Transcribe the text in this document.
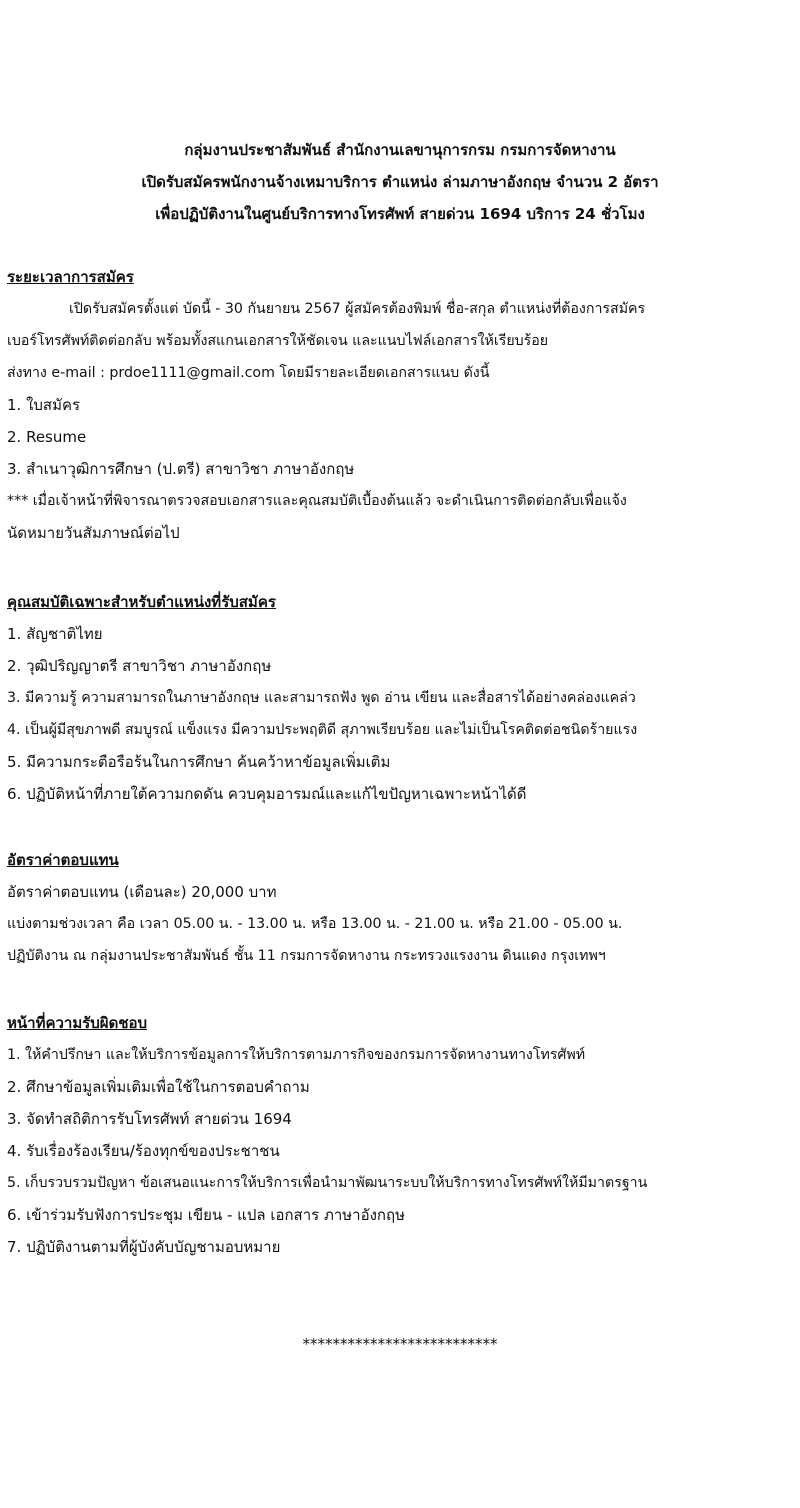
กลุ่มงานประชาสัมพันธ์ สำนักงานเลขานุการกรม กรมการจัดหางาน
เปิดรับสมัครพนักงานจ้างเหมาบริการ ตำแหน่ง ล่ามภาษาอังกฤษ จำนวน 2 อัตรา
เพื่อปฏิบัติงานในศูนย์บริการทางโทรศัพท์ สายด่วน 1694 บริการ 24 ชั่วโมง
ระยะเวลาการสมัคร
เปิดรับสมัครตั้งแต่ บัดนี้ - 30 กันยายน 2567 ผู้สมัครต้องพิมพ์ ชื่อ-สกุล ตำแหน่งที่ต้องการสมัคร
เบอร์โทรศัพท์ติดต่อกลับ พร้อมทั้งสแกนเอกสารให้ชัดเจน และแนบไฟล์เอกสารให้เรียบร้อย
ส่งทาง e-mail : prdoe1111@gmail.com โดยมีรายละเอียดเอกสารแนบ ดังนี้
1. ใบสมัคร
2. Resume
3. สำเนาวุฒิการศึกษา (ป.ตรี) สาขาวิชา ภาษาอังกฤษ
*** เมื่อเจ้าหน้าที่พิจารณาตรวจสอบเอกสารและคุณสมบัติเบื้องต้นแล้ว จะดำเนินการติดต่อกลับเพื่อแจ้ง
นัดหมายวันสัมภาษณ์ต่อไป
คุณสมบัติเฉพาะสำหรับตำแหน่งที่รับสมัคร
1. สัญชาติไทย
2. วุฒิปริญญาตรี สาขาวิชา ภาษาอังกฤษ
3. มีความรู้ ความสามารถในภาษาอังกฤษ และสามารถฟัง พูด อ่าน เขียน และสื่อสารได้อย่างคล่องแคล่ว
4. เป็นผู้มีสุขภาพดี สมบูรณ์ แข็งแรง มีความประพฤติดี สุภาพเรียบร้อย และไม่เป็นโรคติดต่อชนิดร้ายแรง
5. มีความกระตือรือร้นในการศึกษา ค้นคว้าหาข้อมูลเพิ่มเติม
6. ปฏิบัติหน้าที่ภายใต้ความกดดัน ควบคุมอารมณ์และแก้ไขปัญหาเฉพาะหน้าได้ดี
อัตราค่าตอบแทน
อัตราค่าตอบแทน (เดือนละ) 20,000 บาท
แบ่งตามช่วงเวลา คือ เวลา 05.00 น. - 13.00 น. หรือ 13.00 น. - 21.00 น. หรือ 21.00 - 05.00 น.
ปฏิบัติงาน ณ กลุ่มงานประชาสัมพันธ์ ชั้น 11 กรมการจัดหางาน กระทรวงแรงงาน ดินแดง กรุงเทพฯ
หน้าที่ความรับผิดชอบ
1. ให้คำปรึกษา และให้บริการข้อมูลการให้บริการตามภารกิจของกรมการจัดหางานทางโทรศัพท์
2. ศึกษาข้อมูลเพิ่มเติมเพื่อใช้ในการตอบคำถาม
3. จัดทำสถิติการรับโทรศัพท์ สายด่วน 1694
4. รับเรื่องร้องเรียน/ร้องทุกข์ของประชาชน
5. เก็บรวบรวมปัญหา ข้อเสนอแนะการให้บริการเพื่อนำมาพัฒนาระบบให้บริการทางโทรศัพท์ให้มีมาตรฐาน
6. เข้าร่วมรับฟังการประชุม เขียน - แปล เอกสาร ภาษาอังกฤษ
7. ปฏิบัติงานตามที่ผู้บังคับบัญชามอบหมาย
**************************
